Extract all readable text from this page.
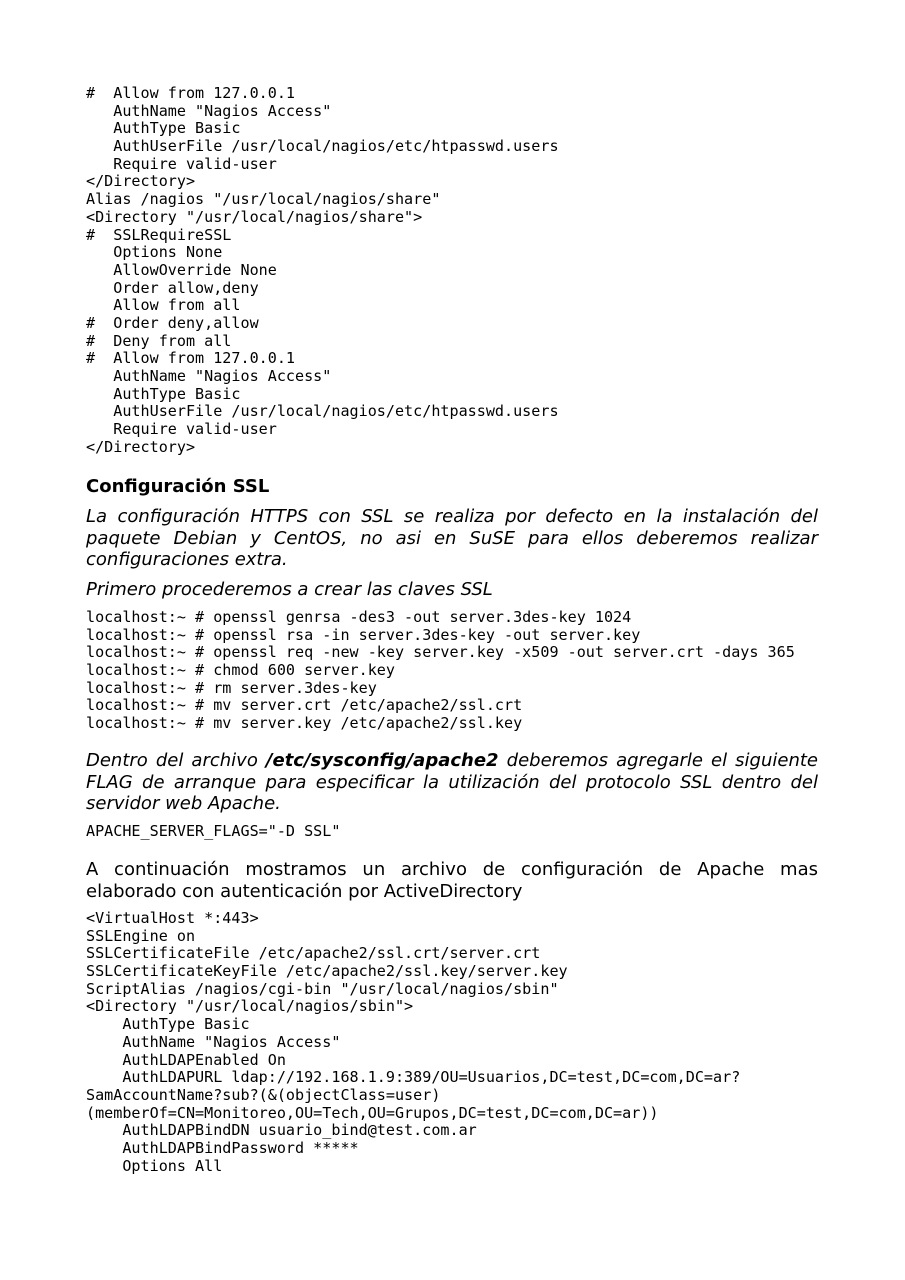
#  Allow from 127.0.0.1
AuthName "Nagios Access"
AuthType Basic
AuthUserFile /usr/local/nagios/etc/htpasswd.users
Require valid-user
</Directory>
Alias /nagios "/usr/local/nagios/share"
<Directory "/usr/local/nagios/share">
#  SSLRequireSSL
Options None
AllowOverride None
Order allow,deny
Allow from all
#  Order deny,allow
#  Deny from all
#  Allow from 127.0.0.1
AuthName "Nagios Access"
AuthType Basic
AuthUserFile /usr/local/nagios/etc/htpasswd.users
Require valid-user
</Directory>
Configuración SSL

La configuración HTTPS con SSL se realiza por defecto en la instalación del paquete Debian y CentOS, no asi en SuSE para ellos deberemos realizar configuraciones extra.

Primero procederemos a crear las claves SSL

localhost:~ # openssl genrsa -des3 -out server.3des-key 1024
localhost:~ # openssl rsa -in server.3des-key -out server.key
localhost:~ # openssl req -new -key server.key -x509 -out server.crt -days 365
localhost:~ # chmod 600 server.key
localhost:~ # rm server.3des-key
localhost:~ # mv server.crt /etc/apache2/ssl.crt
localhost:~ # mv server.key /etc/apache2/ssl.key

Dentro del archivo /etc/sysconfig/apache2 deberemos agregarle el siguiente FLAG de arranque para especificar la utilización del protocolo SSL dentro del servidor web Apache.

APACHE_SERVER_FLAGS="-D SSL"

A continuación mostramos un archivo de configuración de Apache mas elaborado con autenticación por ActiveDirectory

<VirtualHost *:443>
SSLEngine on
SSLCertificateFile /etc/apache2/ssl.crt/server.crt
SSLCertificateKeyFile /etc/apache2/ssl.key/server.key
ScriptAlias /nagios/cgi-bin "/usr/local/nagios/sbin"
<Directory "/usr/local/nagios/sbin">
AuthType Basic
AuthName "Nagios Access"
AuthLDAPEnabled On
AuthLDAPURL ldap://192.168.1.9:389/OU=Usuarios,DC=test,DC=com,DC=ar?
SamAccountName?sub?(&(objectClass=user)
(memberOf=CN=Monitoreo,OU=Tech,OU=Grupos,DC=test,DC=com,DC=ar))
AuthLDAPBindDN usuario_bind@test.com.ar
AuthLDAPBindPassword *****
Options All
